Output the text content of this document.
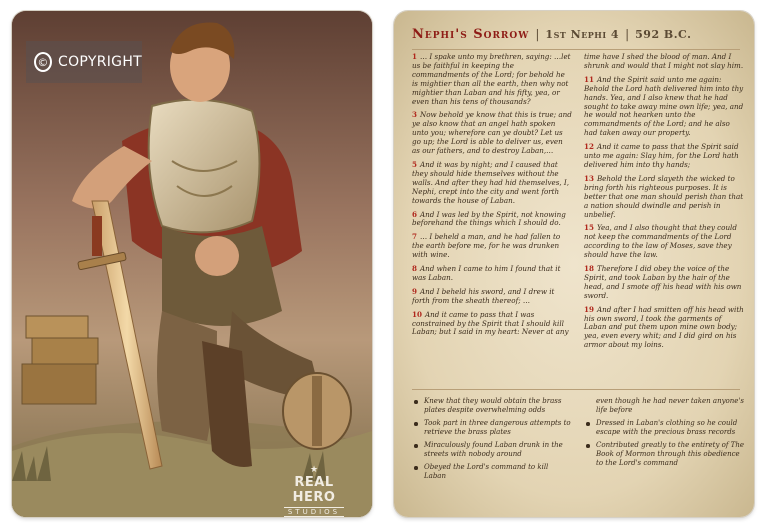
© COPYRIGHT
★
REAL HERO
STUDIOS
Nephi's Sorrow | 1st Nephi 4 | 592 B.C.

1 … I spake unto my brethren, saying: …let us be faithful in keeping the commandments of the Lord; for behold he is mightier than all the earth, then why not mightier than Laban and his fifty, yea, or even than his tens of thousands?

3 Now behold ye know that this is true; and ye also know that an angel hath spoken unto you; wherefore can ye doubt? Let us go up; the Lord is able to deliver us, even as our fathers, and to destroy Laban,…

5 And it was by night; and I caused that they should hide themselves without the walls. And after they had hid themselves, I, Nephi, crept into the city and went forth towards the house of Laban.

6 And I was led by the Spirit, not knowing beforehand the things which I should do.

7 … I beheld a man, and he had fallen to the earth before me, for he was drunken with wine.

8 And when I came to him I found that it was Laban.

9 And I beheld his sword, and I drew it forth from the sheath thereof; …

10 And it came to pass that I was constrained by the Spirit that I should kill Laban; but I said in my heart: Never at any

time have I shed the blood of man. And I shrunk and would that I might not slay him.

11 And the Spirit said unto me again: Behold the Lord hath delivered him into thy hands. Yea, and I also knew that he had sought to take away mine own life; yea, and he would not hearken unto the commandments of the Lord; and he also had taken away our property.

12 And it came to pass that the Spirit said unto me again: Slay him, for the Lord hath delivered him into thy hands;

13 Behold the Lord slayeth the wicked to bring forth his righteous purposes. It is better that one man should perish than that a nation should dwindle and perish in unbelief.

15 Yea, and I also thought that they could not keep the commandments of the Lord according to the law of Moses, save they should have the law.

18 Therefore I did obey the voice of the Spirit, and took Laban by the hair of the head, and I smote off his head with his own sword.

19 And after I had smitten off his head with his own sword, I took the garments of Laban and put them upon mine own body; yea, even every whit; and I did gird on his armor about my loins.

Knew that they would obtain the brass plates despite overwhelming odds

Took part in three dangerous attempts to retrieve the brass plates

Miraculously found Laban drunk in the streets with nobody around

Obeyed the Lord's command to kill Laban

even though he had never taken anyone's life before

Dressed in Laban's clothing so he could escape with the precious brass records

Contributed greatly to the entirety of The Book of Mormon through this obedience to the Lord's command
